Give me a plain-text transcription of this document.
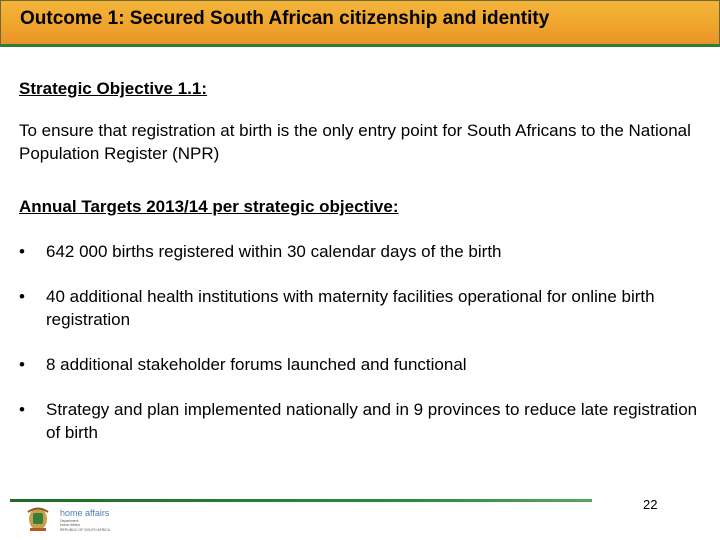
Outcome 1: Secured South African citizenship and identity
Strategic Objective 1.1:

To ensure that registration at birth is the only entry point for South Africans to the National Population Register (NPR)

Annual Targets 2013/14 per strategic objective:
•	642 000 births registered within 30 calendar days of the birth
•	40 additional health institutions with maternity facilities operational for online birth registration
•	8 additional stakeholder forums launched and functional
•	Strategy and plan implemented nationally and in 9 provinces to reduce late registration of birth
home affairs
Department:
Home Affairs
REPUBLIC OF SOUTH AFRICA
22
